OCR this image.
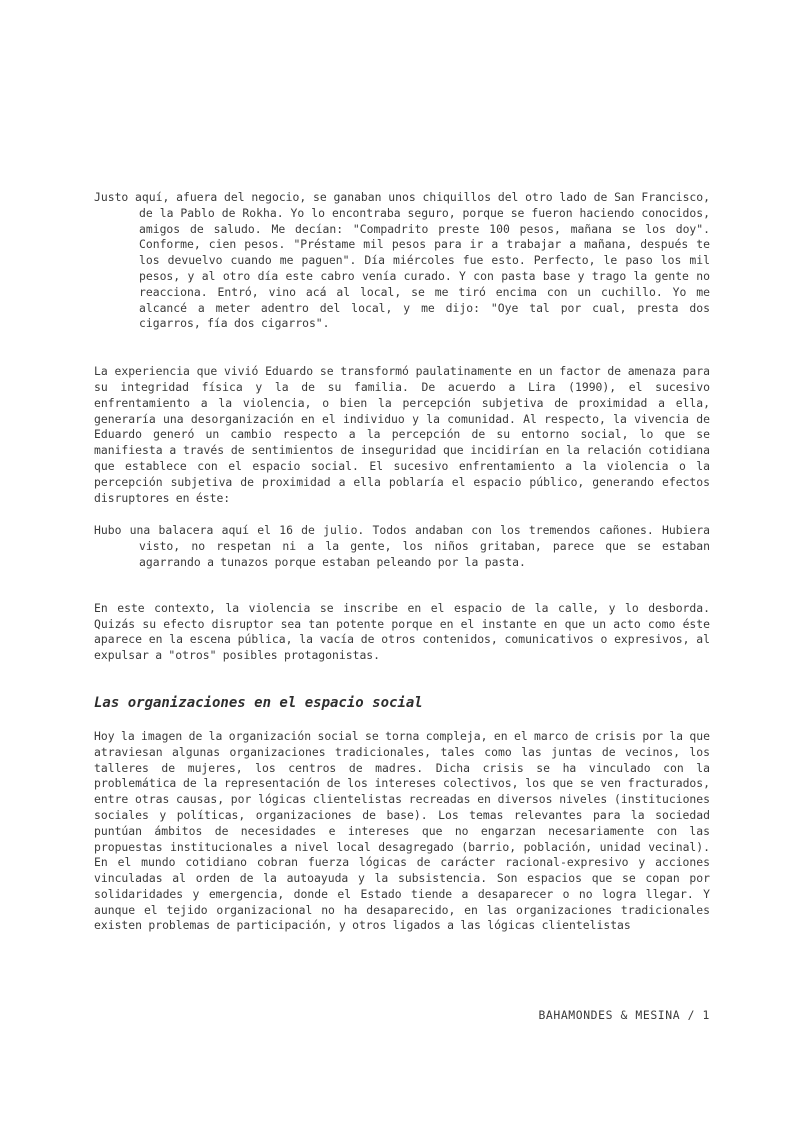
Justo aquí, afuera del negocio, se ganaban unos chiquillos del otro lado de San Francisco, de la Pablo de Rokha. Yo lo encontraba seguro, porque se fueron haciendo conocidos, amigos de saludo. Me decían: "Compadrito preste 100 pesos, mañana se los doy". Conforme, cien pesos. "Préstame mil pesos para ir a trabajar a mañana, después te los devuelvo cuando me paguen". Día miércoles fue esto. Perfecto, le paso los mil pesos, y al otro día este cabro venía curado. Y con pasta base y trago la gente no reacciona. Entró, vino acá al local, se me tiró encima con un cuchillo. Yo me alcancé a meter adentro del local, y me dijo: "Oye tal por cual, presta dos cigarros, fía dos cigarros".

La experiencia que vivió Eduardo se transformó paulatinamente en un factor de amenaza para su integridad física y la de su familia. De acuerdo a Lira (1990), el sucesivo enfrentamiento a la violencia, o bien la percepción subjetiva de proximidad a ella, generaría una desorganización en el individuo y la comunidad. Al respecto, la vivencia de Eduardo generó un cambio respecto a la percepción de su entorno social, lo que se manifiesta a través de sentimientos de inseguridad que incidirían en la relación cotidiana que establece con el espacio social. El sucesivo enfrentamiento a la violencia o la percepción subjetiva de proximidad a ella poblaría el espacio público, generando efectos disruptores en éste:

Hubo una balacera aquí el 16 de julio. Todos andaban con los tremendos cañones. Hubiera visto, no respetan ni a la gente, los niños gritaban, parece que se estaban agarrando a tunazos porque estaban peleando por la pasta.

En este contexto, la violencia se inscribe en el espacio de la calle, y lo desborda. Quizás su efecto disruptor sea tan potente porque en el instante en que un acto como éste aparece en la escena pública, la vacía de otros contenidos, comunicativos o expresivos, al expulsar a "otros" posibles protagonistas.

Las organizaciones en el espacio social

Hoy la imagen de la organización social se torna compleja, en el marco de crisis por la que atraviesan algunas organizaciones tradicionales, tales como las juntas de vecinos, los talleres de mujeres, los centros de madres. Dicha crisis se ha vinculado con la problemática de la representación de los intereses colectivos, los que se ven fracturados, entre otras causas, por lógicas clientelistas recreadas en diversos niveles (instituciones sociales y políticas, organizaciones de base). Los temas relevantes para la sociedad puntúan ámbitos de necesidades e intereses que no engarzan necesariamente con las propuestas institucionales a nivel local desagregado (barrio, población, unidad vecinal). En el mundo cotidiano cobran fuerza lógicas de carácter racional-expresivo y acciones vinculadas al orden de la autoayuda y la subsistencia. Son espacios que se copan por solidaridades y emergencia, donde el Estado tiende a desaparecer o no logra llegar. Y aunque el tejido organizacional no ha desaparecido, en las organizaciones tradicionales existen problemas de participación, y otros ligados a las lógicas clientelistas

BAHAMONDES & MESINA / 1
